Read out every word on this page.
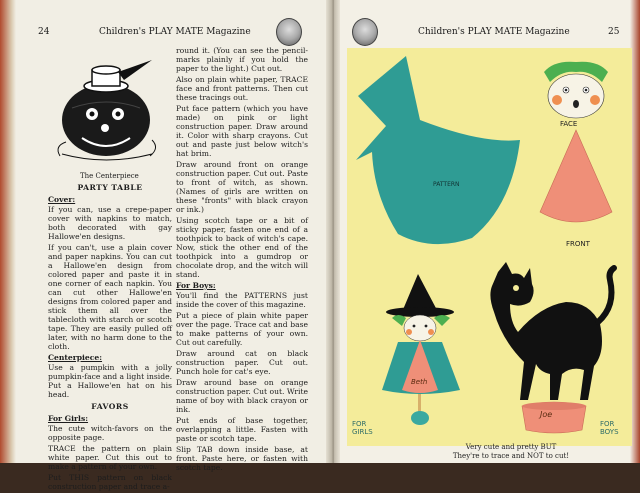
24	Children's PLAY MATE Magazine
The Centerpiece

PARTY TABLE

Cover:

If you can, use a crepe-paper cover with napkins to match, both decorated with gay Hallowe'en designs.

If you can't, use a plain cover and paper napkins. You can cut a Hallowe'en design from colored paper and paste it in one corner of each napkin. You can cut other Hallowe'en designs from colored paper and stick them all over the tablecloth with starch or scotch tape. They are easily pulled off later, with no harm done to the cloth.

Centerpiece:

Use a pumpkin with a jolly pumpkin-face and a light inside. Put a Hallowe'en hat on his head.

FAVORS

For Girls:

The cute witch-favors on the opposite page.

TRACE the pattern on plain white paper. Cut this out to make a pattern of your own.

Put THIS pattern on black construction paper and trace a-

round it. (You can see the pencil-marks plainly if you hold the paper to the light.) Cut out.

Also on plain white paper, TRACE face and front patterns. Then cut these tracings out.

Put face pattern (which you have made) on pink or light construction paper. Draw around it. Color with sharp crayons. Cut out and paste just below witch's hat brim.

Draw around front on orange construction paper. Cut out. Paste to front of witch, as shown. (Names of girls are written on these "fronts" with black crayon or ink.)

Using scotch tape or a bit of sticky paper, fasten one end of a toothpick to back of witch's cape. Now, stick the other end of the toothpick into a gumdrop or chocolate drop, and the witch will stand.

For Boys:

You'll find the PATTERNS just inside the cover of this magazine.

Put a piece of plain white paper over the page. Trace cat and base to make patterns of your own. Cut out carefully.

Draw around cat on black construction paper. Cut out. Punch hole for cat's eye.

Draw around base on orange construction paper. Cut out. Write name of boy with black crayon or ink.

Put ends of base together, overlapping a little. Fasten with paste or scotch tape.

Slip TAB down inside base, at front. Paste here, or fasten with scotch tape.

Children's PLAY MATE Magazine	25
PATTERN
FACE
FRONT
Beth
Joe
FOR GIRLS
FOR BOYS
Very cute and pretty BUT
They're to trace and NOT to cut!
